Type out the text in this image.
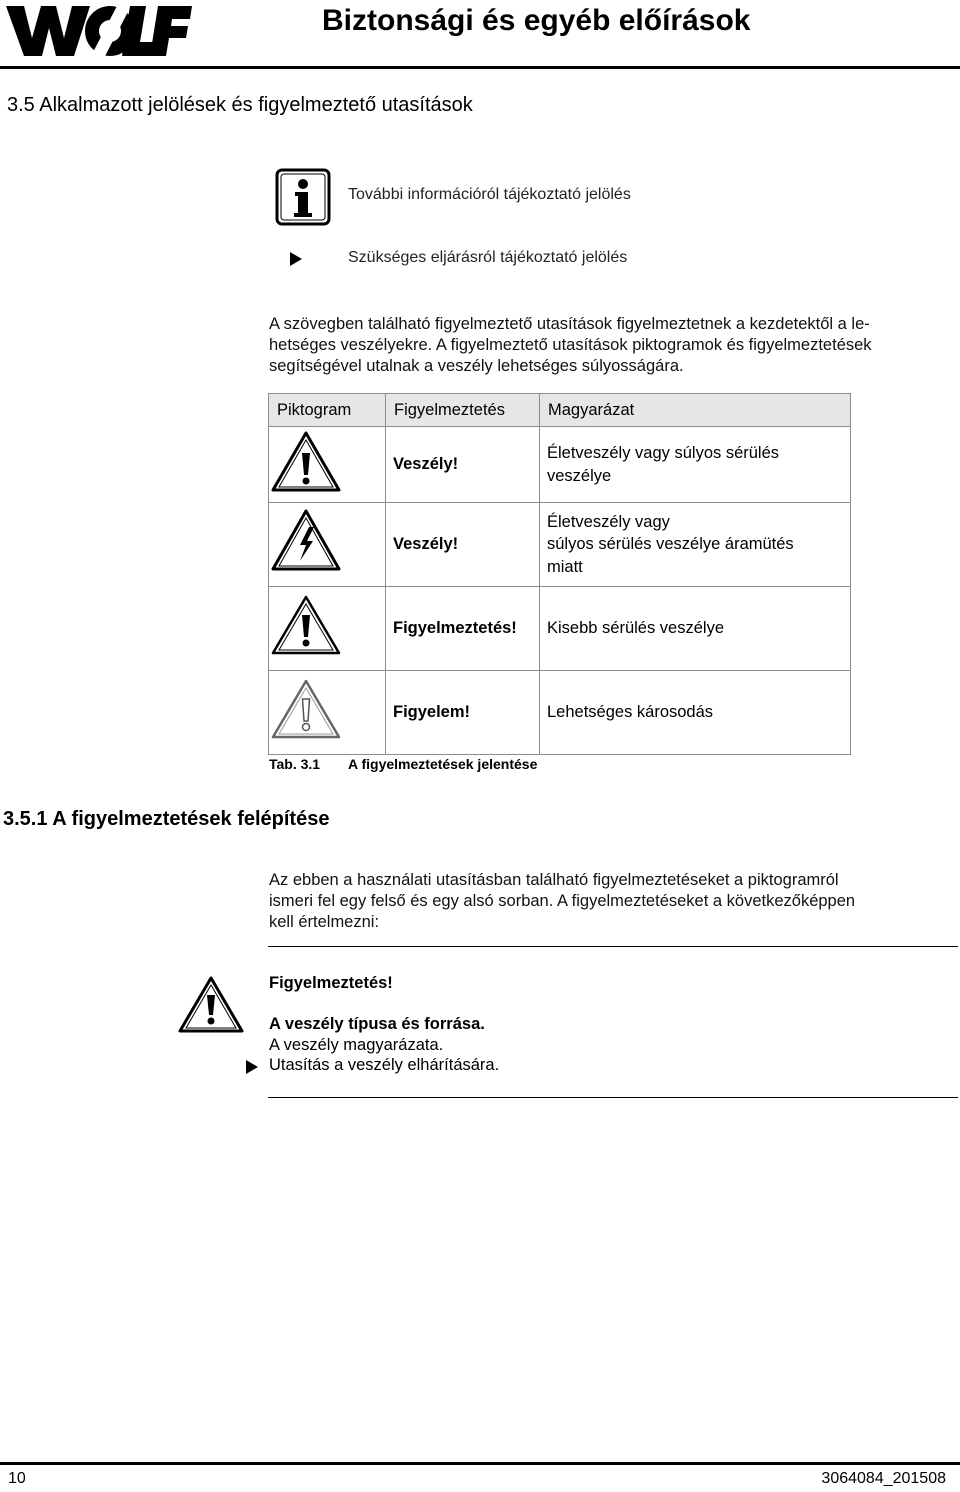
Biztonsági és egyéb előírások
3.5 Alkalmazott jelölések és figyelmeztető utasítások
További információról tájékoztató jelölés
Szükséges eljárásról tájékoztató jelölés
A szövegben található figyelmeztető utasítások figyelmeztetnek a kezdetektől a le-
hetséges veszélyekre. A figyelmeztető utasítások piktogramok és figyelmeztetések
segítségével utalnak a veszély lehetséges súlyosságára.
Piktogram	Figyelmeztetés	Magyarázat

	Veszély!	Életveszély vagy súlyos sérülés
veszélye

	Veszély!	Életveszély vagy
súlyos sérülés veszélye áramütés
miatt

	Figyelmeztetés!	Kisebb sérülés veszélye

	Figyelem!	Lehetséges károsodás
Tab. 3.1 A figyelmeztetések jelentése
3.5.1 A figyelmeztetések felépítése
Az ebben a használati utasításban található figyelmeztetéseket a piktogramról
ismeri fel egy felső és egy alsó sorban. A figyelmeztetéseket a következőképpen
kell értelmezni:
Figyelmeztetés!
A veszély típusa és forrása.
A veszély magyarázata.
Utasítás a veszély elhárítására.
10	3064084_201508
